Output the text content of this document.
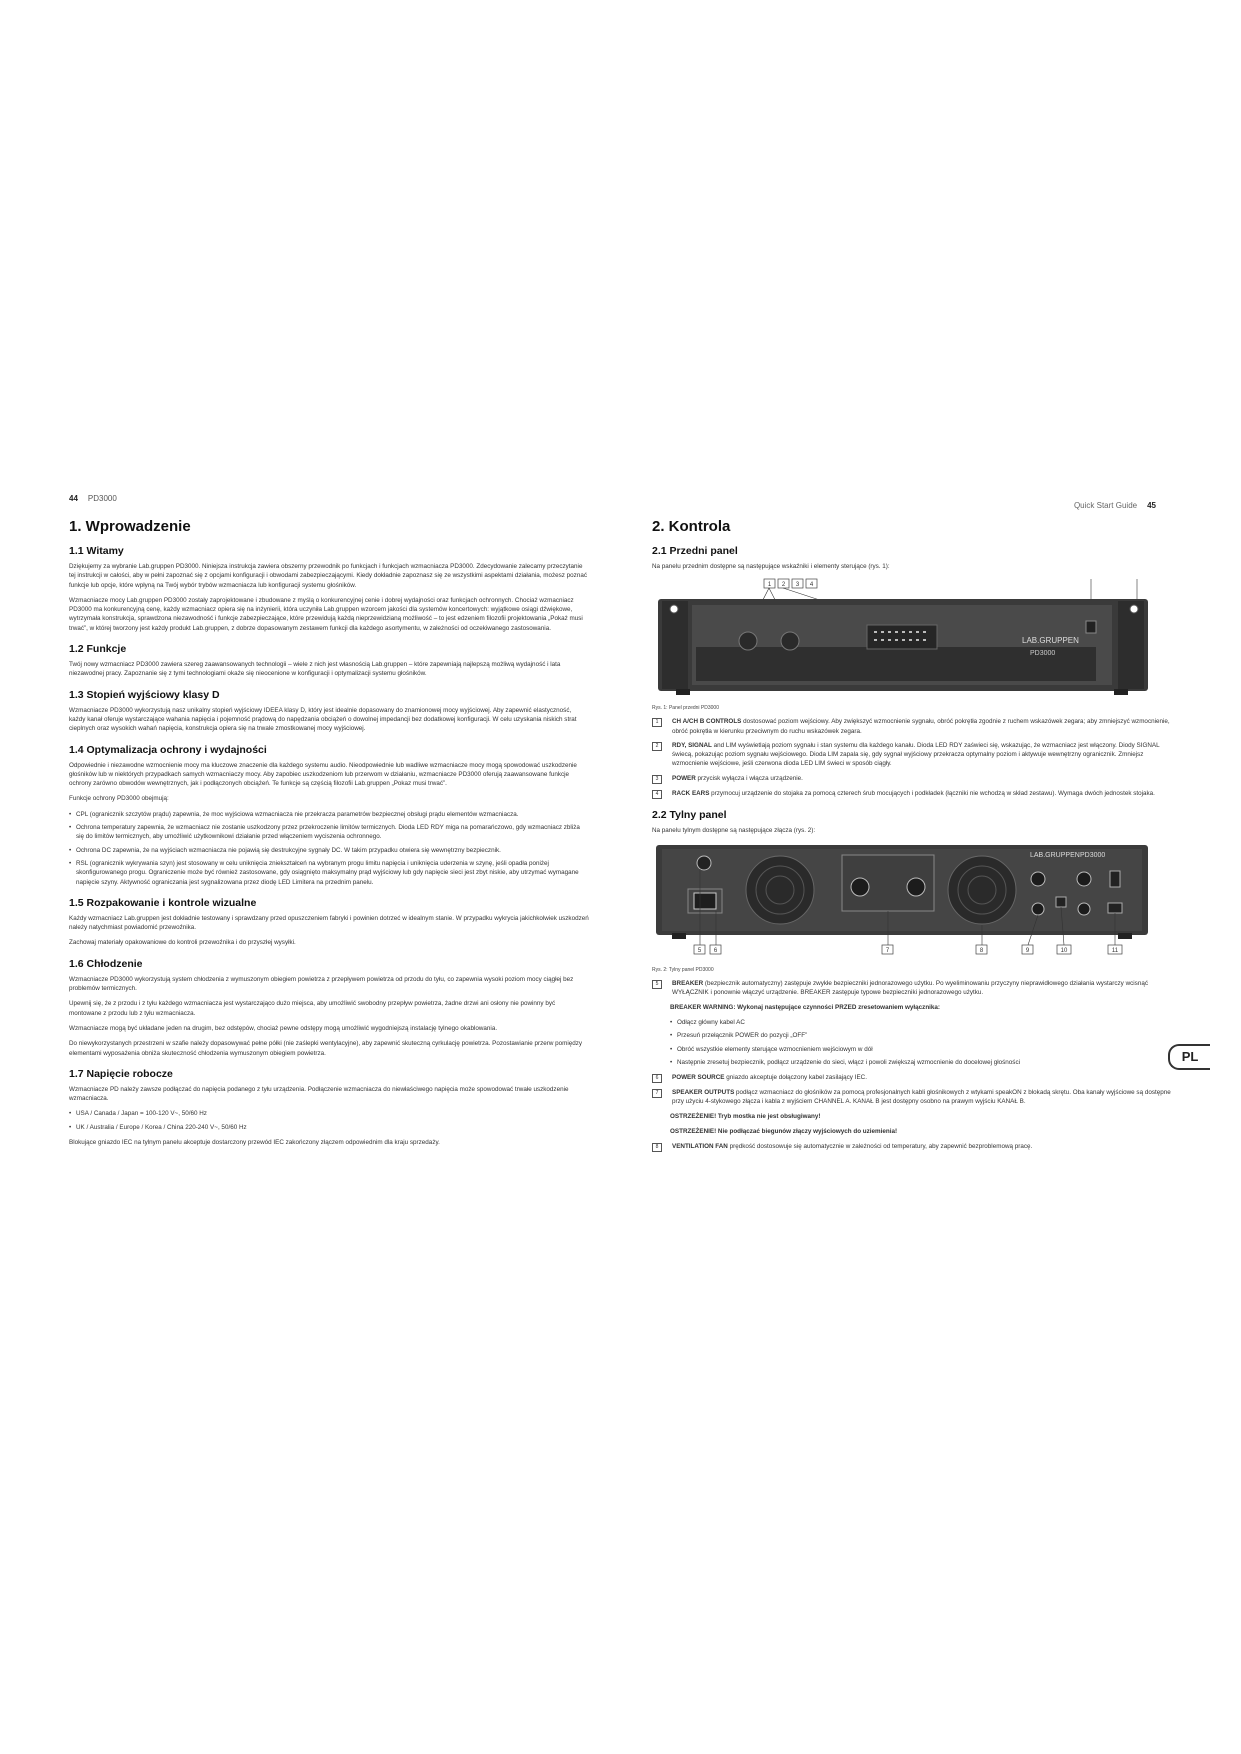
44 PD3000
1. Wprowadzenie
1.1 Witamy

Dziękujemy za wybranie Lab.gruppen PD3000. Niniejsza instrukcja zawiera obszerny przewodnik po funkcjach i funkcjach wzmacniacza PD3000. Zdecydowanie zalecamy przeczytanie tej instrukcji w całości, aby w pełni zapoznać się z opcjami konfiguracji i obwodami zabezpieczającymi. Kiedy dokładnie zapoznasz się ze wszystkimi aspektami działania, możesz poznać funkcje lub opcje, które wpłyną na Twój wybór trybów wzmacniacza lub konfiguracji systemu głośników.

Wzmacniacze mocy Lab.gruppen PD3000 zostały zaprojektowane i zbudowane z myślą o konkurencyjnej cenie i dobrej wydajności oraz funkcjach ochronnych. Chociaż wzmacniacz PD3000 ma konkurencyjną cenę, każdy wzmacniacz opiera się na inżynierii, która uczyniła Lab.gruppen wzorcem jakości dla systemów koncertowych: wyjątkowe osiągi dźwiękowe, wytrzymała konstrukcja, sprawdzona niezawodność i funkcje zabezpieczające, które przewidują każdą nieprzewidzianą możliwość – to jest edzeniem filozofii projektowania „Pokaż musi trwać”, w której tworzony jest każdy produkt Lab.gruppen, z dobrze dopasowanym zestawem funkcji dla każdego asortymentu, w zależności od oczekiwanego zastosowania.

1.2 Funkcje

Twój nowy wzmacniacz PD3000 zawiera szereg zaawansowanych technologii – wiele z nich jest własnością Lab.gruppen – które zapewniają najlepszą możliwą wydajność i lata niezawodnej pracy. Zapoznanie się z tymi technologiami okaże się nieocenione w konfiguracji i optymalizacji systemu głośników.

1.3 Stopień wyjściowy klasy D

Wzmacniacze PD3000 wykorzystują nasz unikalny stopień wyjściowy IDEEA klasy D, który jest idealnie dopasowany do znamionowej mocy wyjściowej. Aby zapewnić elastyczność, każdy kanał oferuje wystarczające wahania napięcia i pojemność prądową do napędzania obciążeń o dowolnej impedancji bez dodatkowej konfiguracji. W celu uzyskania niskich strat cieplnych oraz wysokich wahań napięcia, konstrukcja opiera się na trwale zmostkowanej mocy wyjściowej.

1.4 Optymalizacja ochrony i wydajności

Odpowiednie i niezawodne wzmocnienie mocy ma kluczowe znaczenie dla każdego systemu audio. Nieodpowiednie lub wadliwe wzmacniacze mocy mogą spowodować uszkodzenie głośników lub w niektórych przypadkach samych wzmacniaczy mocy. Aby zapobiec uszkodzeniom lub przerwom w działaniu, wzmacniacze PD3000 oferują zaawansowane funkcje ochrony zarówno obwodów wewnętrznych, jak i podłączonych obciążeń. Te funkcje są częścią filozofii Lab.gruppen „Pokaz musi trwać”.

Funkcje ochrony PD3000 obejmują:

• CPL (ogranicznik szczytów prądu) zapewnia, że moc wyjściowa wzmacniacza nie przekracza parametrów bezpiecznej obsługi prądu elementów wzmacniacza.
• Ochrona temperatury zapewnia, że wzmacniacz nie zostanie uszkodzony przez przekroczenie limitów termicznych. Dioda LED RDY miga na pomarańczowo, gdy wzmacniacz zbliża się do limitów termicznych, aby umożliwić użytkownikowi działanie przed włączeniem wyciszenia ochronnego.
• Ochrona DC zapewnia, że na wyjściach wzmacniacza nie pojawią się destrukcyjne sygnały DC. W takim przypadku otwiera się wewnętrzny bezpiecznik.
• RSL (ogranicznik wykrywania szyn) jest stosowany w celu uniknięcia zniekształceń na wybranym progu limitu napięcia i uniknięcia uderzenia w szynę, jeśli opadła poniżej skonfigurowanego progu. Ograniczenie może być również zastosowane, gdy osiągnięto maksymalny prąd wyjściowy lub gdy napięcie sieci jest zbyt niskie, aby utrzymać wymagane napięcie szyny. Aktywność ograniczania jest sygnalizowana przez diodę LED Limitera na przednim panelu.
1.5 Rozpakowanie i kontrole wizualne

Każdy wzmacniacz Lab.gruppen jest dokładnie testowany i sprawdzany przed opuszczeniem fabryki i powinien dotrzeć w idealnym stanie. W przypadku wykrycia jakichkolwiek uszkodzeń należy natychmiast powiadomić przewoźnika.

Zachowaj materiały opakowaniowe do kontroli przewoźnika i do przyszłej wysyłki.

1.6 Chłodzenie

Wzmacniacze PD3000 wykorzystują system chłodzenia z wymuszonym obiegiem powietrza z przepływem powietrza od przodu do tyłu, co zapewnia wysoki poziom mocy ciągłej bez problemów termicznych.

Upewnij się, że z przodu i z tyłu każdego wzmacniacza jest wystarczająco dużo miejsca, aby umożliwić swobodny przepływ powietrza, żadne drzwi ani osłony nie powinny być montowane z przodu lub z tyłu wzmacniacza.

Wzmacniacze mogą być układane jeden na drugim, bez odstępów, chociaż pewne odstępy mogą umożliwić wygodniejszą instalację tylnego okablowania.

Do niewykorzystanych przestrzeni w szafie należy dopasowywać pełne półki (nie zaślepki wentylacyjne), aby zapewnić skuteczną cyrkulację powietrza. Pozostawianie przerw pomiędzy elementami wyposażenia obniża skuteczność chłodzenia wymuszonym obiegiem powietrza.

1.7 Napięcie robocze

Wzmacniacze PD należy zawsze podłączać do napięcia podanego z tyłu urządzenia. Podłączenie wzmacniacza do niewłaściwego napięcia może spowodować trwałe uszkodzenie wzmacniacza.

• USA / Canada / Japan = 100-120 V~, 50/60 Hz
• UK / Australia / Europe / Korea / China 220-240 V~, 50/60 Hz

Blokujące gniazdo IEC na tylnym panelu akceptuje dostarczony przewód IEC zakończony złączem odpowiednim dla kraju sprzedaży.

Quick Start Guide 45
2. Kontrola
2.1 Przedni panel

Na panelu przednim dostępne są następujące wskaźniki i elementy sterujące (rys. 1):

1 2 3 4
LAB.GRUPPEN
PD3000
Rys. 1: Panel przedni PD3000
1	CH A/CH B CONTROLS dostosować poziom wejściowy. Aby zwiększyć wzmocnienie sygnału, obróć pokrętła zgodnie z ruchem wskazówek zegara; aby zmniejszyć wzmocnienie, obróć pokrętła w kierunku przeciwnym do ruchu wskazówek zegara.
2	RDY, SIGNAL and LIM wyświetlają poziom sygnału i stan systemu dla każdego kanału. Dioda LED RDY zaświeci się, wskazując, że wzmacniacz jest włączony. Diody SIGNAL świecą, pokazując poziom sygnału wejściowego. Dioda LIM zapala się, gdy sygnał wyjściowy przekracza optymalny poziom i aktywuje wewnętrzny ogranicznik. Zmniejsz wzmocnienie wejściowe, jeśli czerwona dioda LED LIM świeci w sposób ciągły.
3	POWER przycisk wyłącza i włącza urządzenie.
4	RACK EARS przymocuj urządzenie do stojaka za pomocą czterech śrub mocujących i podkładek (łączniki nie wchodzą w skład zestawu). Wymaga dwóch jednostek stojaka.
2.2 Tylny panel

Na panelu tylnym dostępne są następujące złącza (rys. 2):

LAB.GRUPPEN PD3000
5 6	7	8	9	10	11
Rys. 2: Tylny panel PD3000
5	BREAKER (bezpiecznik automatyczny) zastępuje zwykłe bezpieczniki jednorazowego użytku. Po wyeliminowaniu przyczyny nieprawidłowego działania wystarczy wcisnąć WYŁĄCZNIK i ponownie włączyć urządzenie. BREAKER zastępuje typowe bezpieczniki jednorazowego użytku.

BREAKER WARNING: Wykonaj następujące czynności PRZED zresetowaniem wyłącznika:

• Odłącz główny kabel AC
• Przesuń przełącznik POWER do pozycji „OFF”
• Obróć wszystkie elementy sterujące wzmocnieniem wejściowym w dół
• Następnie zresetuj bezpiecznik, podłącz urządzenie do sieci, włącz i powoli zwiększaj wzmocnienie do docelowej głośności
6	POWER SOURCE gniazdo akceptuje dołączony kabel zasilający IEC.
7	SPEAKER OUTPUTS podłącz wzmacniacz do głośników za pomocą profesjonalnych kabli głośnikowych z wtykami speakON z blokadą skrętu. Oba kanały wyjściowe są dostępne przy użyciu 4-stykowego złącza i kabla z wyjściem CHANNEL A. KANAŁ B jest dostępny osobno na prawym wyjściu KANAŁ B.

OSTRZEŻENIE! Tryb mostka nie jest obsługiwany!

OSTRZEŻENIE! Nie podłączać biegunów złączy wyjściowych do uziemienia!

8	VENTILATION FAN prędkość dostosowuje się automatycznie w zależności od temperatury, aby zapewnić bezproblemową pracę.
PL
